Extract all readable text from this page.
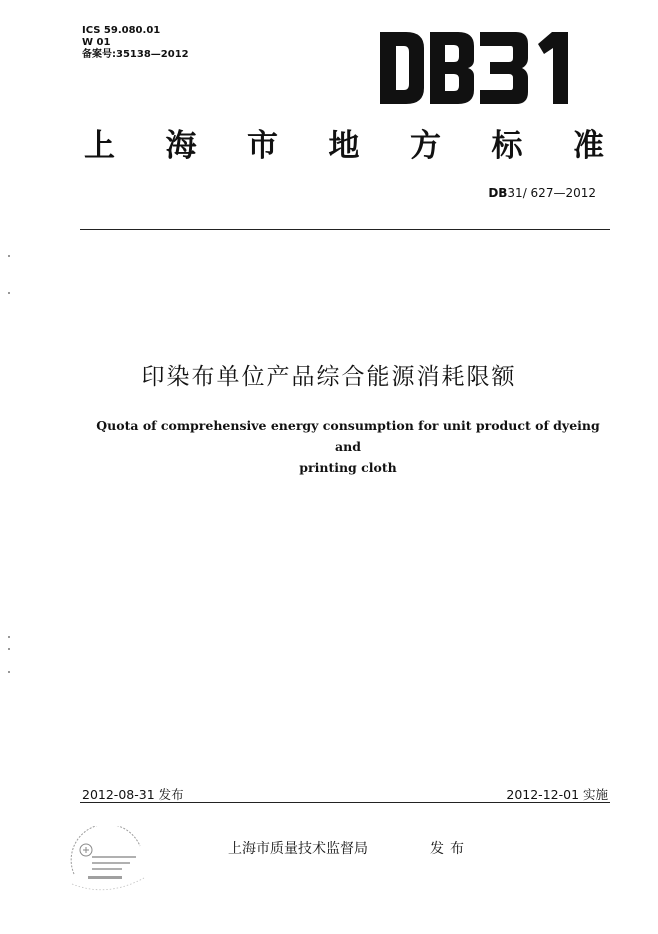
ICS 59.080.01
W 01
备案号:35138—2012
上 海 市 地 方 标 准
DB31/ 627—2012
印染布单位产品综合能源消耗限额
Quota of comprehensive energy consumption for unit product of dyeing and
printing cloth
2012-08-31 发布	2012-12-01 实施
上海市质量技术监督局	发布
